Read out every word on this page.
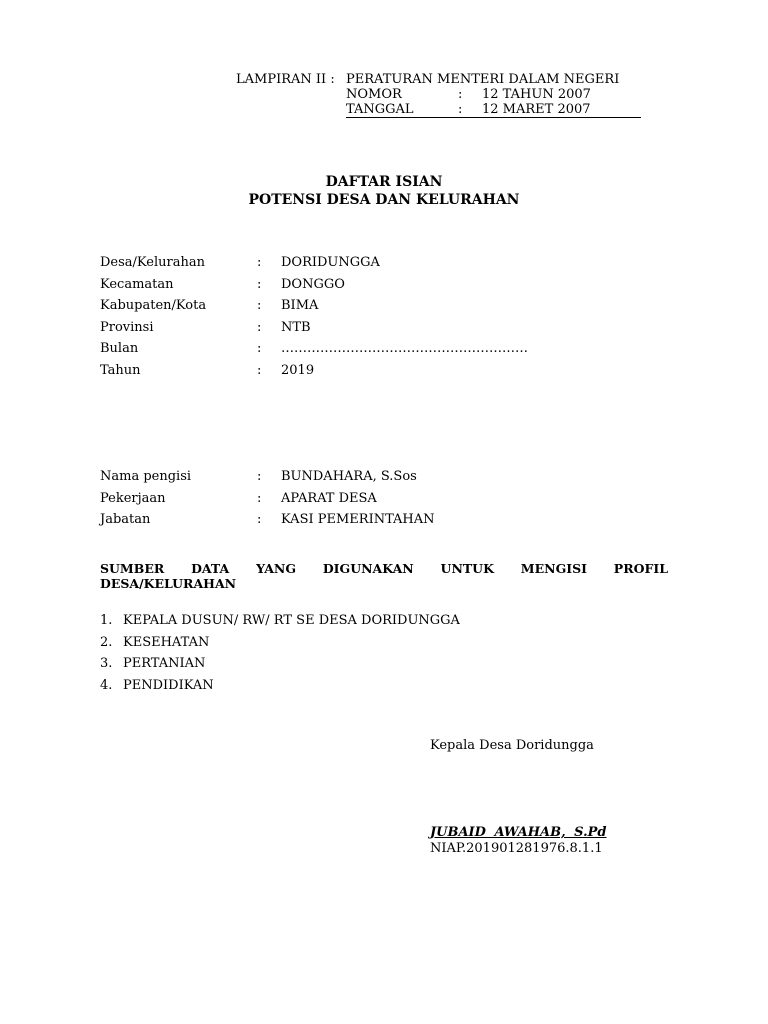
LAMPIRAN II : PERATURAN MENTERI DALAM NEGERI
NOMOR	:	12 TAHUN 2007
TANGGAL	:	12 MARET 2007
DAFTAR ISIAN
POTENSI DESA DAN KELURAHAN
Desa/Kelurahan	:	DORIDUNGGA
Kecamatan	:	DONGGO
Kabupaten/Kota	:	BIMA
Provinsi	:	NTB
Bulan	:	…………………………………………………
Tahun	:	2019
Nama pengisi	:	BUNDAHARA, S.Sos
Pekerjaan	:	APARAT DESA
Jabatan	:	KASI PEMERINTAHAN
SUMBER DATA YANG DIGUNAKAN UNTUK MENGISI PROFIL
DESA/KELURAHAN
1. KEPALA DUSUN/ RW/ RT SE DESA DORIDUNGGA
2. KESEHATAN
3. PERTANIAN
4. PENDIDIKAN
Kepala Desa Doridungga
JUBAID AWAHAB, S.Pd
NIAP.201901281976.8.1.1
